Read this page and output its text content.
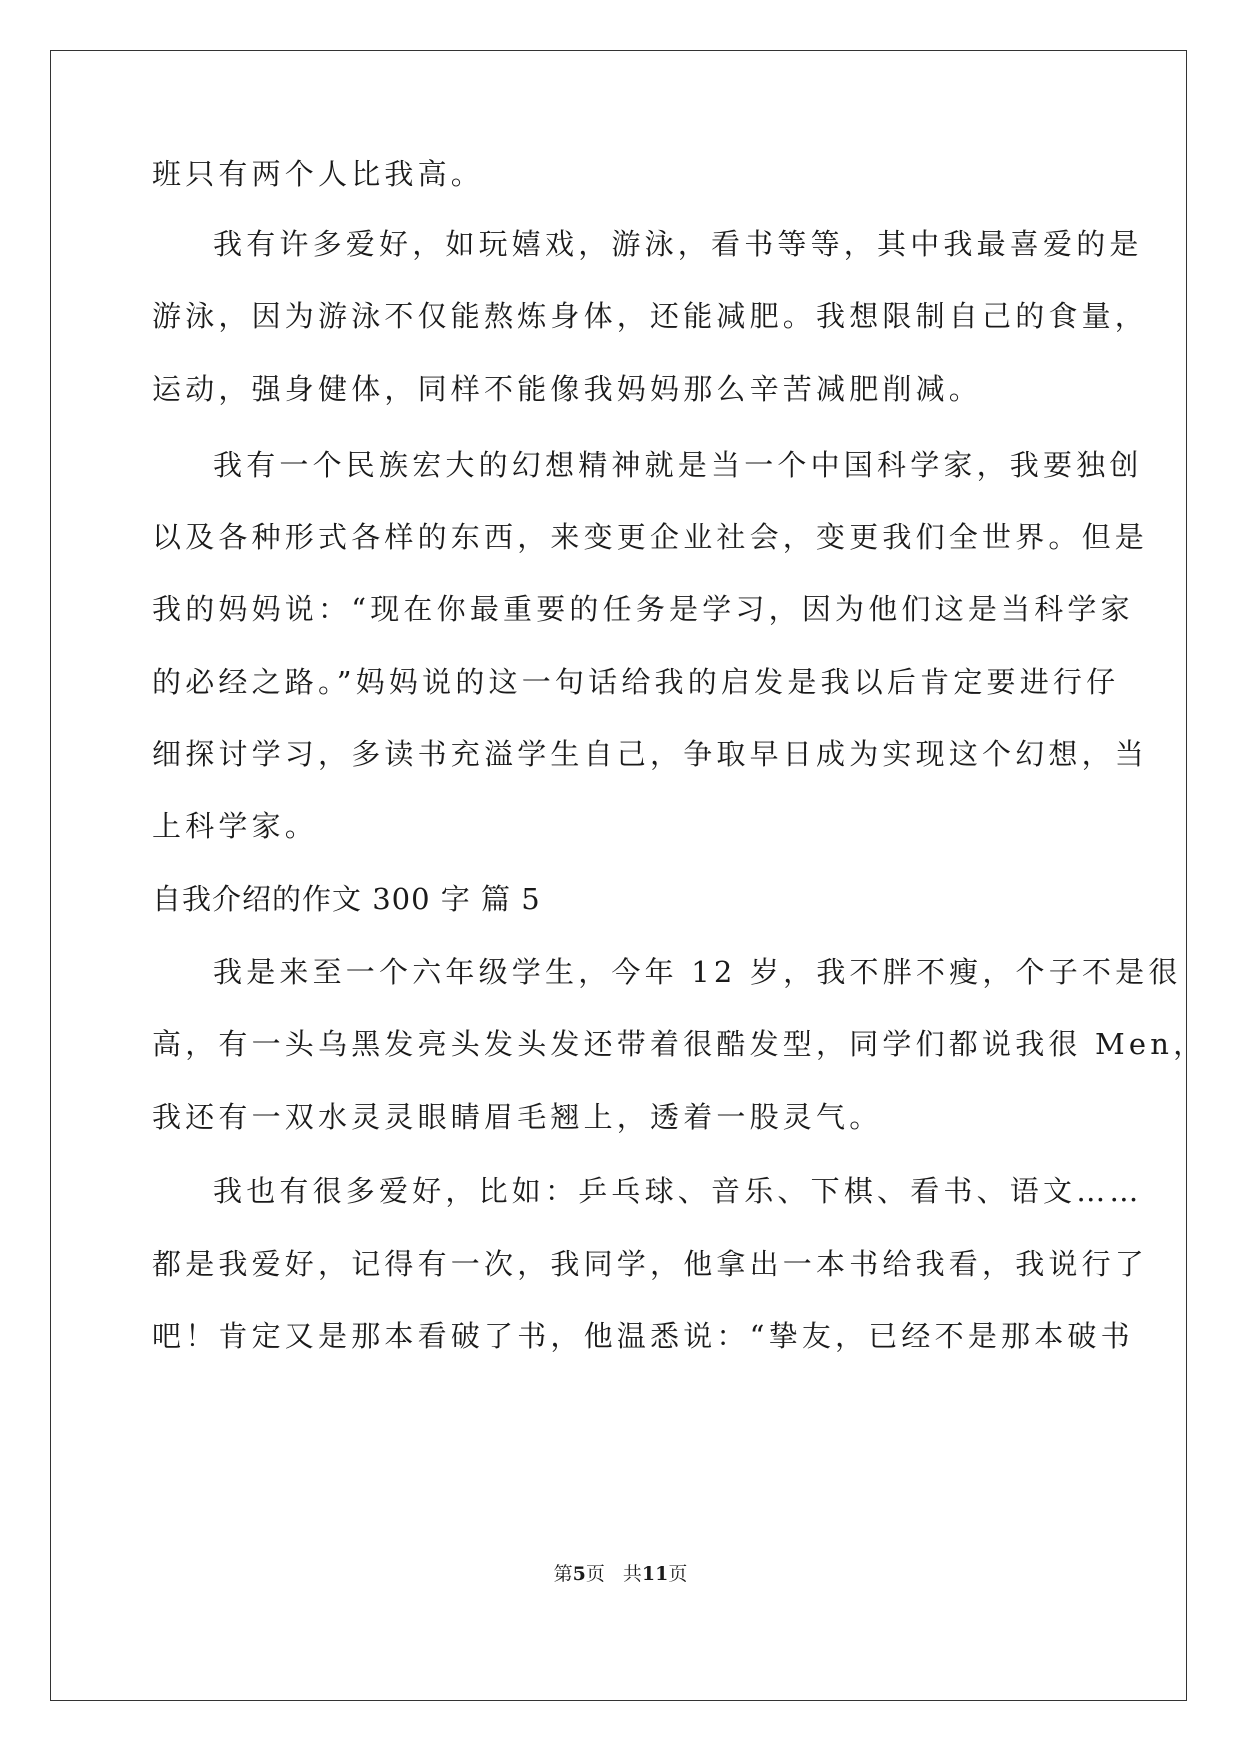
班只有两个人比我高。
我有许多爱好，如玩嬉戏，游泳，看书等等，其中我最喜爱的是
游泳，因为游泳不仅能熬炼身体，还能减肥。我想限制自己的食量，
运动，强身健体，同样不能像我妈妈那么辛苦减肥削减。
我有一个民族宏大的幻想精神就是当一个中国科学家，我要独创
以及各种形式各样的东西，来变更企业社会，变更我们全世界。但是
我的妈妈说：“现在你最重要的任务是学习，因为他们这是当科学家
的必经之路。”妈妈说的这一句话给我的启发是我以后肯定要进行仔
细探讨学习，多读书充溢学生自己，争取早日成为实现这个幻想，当
上科学家。
自我介绍的作文 300 字 篇 5
我是来至一个六年级学生，今年 12 岁，我不胖不瘦，个子不是很
高，有一头乌黑发亮头发头发还带着很酷发型，同学们都说我很 Men，
我还有一双水灵灵眼睛眉毛翘上，透着一股灵气。
我也有很多爱好，比如：乒乓球、音乐、下棋、看书、语文……
都是我爱好，记得有一次，我同学，他拿出一本书给我看，我说行了
吧！肯定又是那本看破了书，他温悉说：“挚友，已经不是那本破书
第5页 共11页
